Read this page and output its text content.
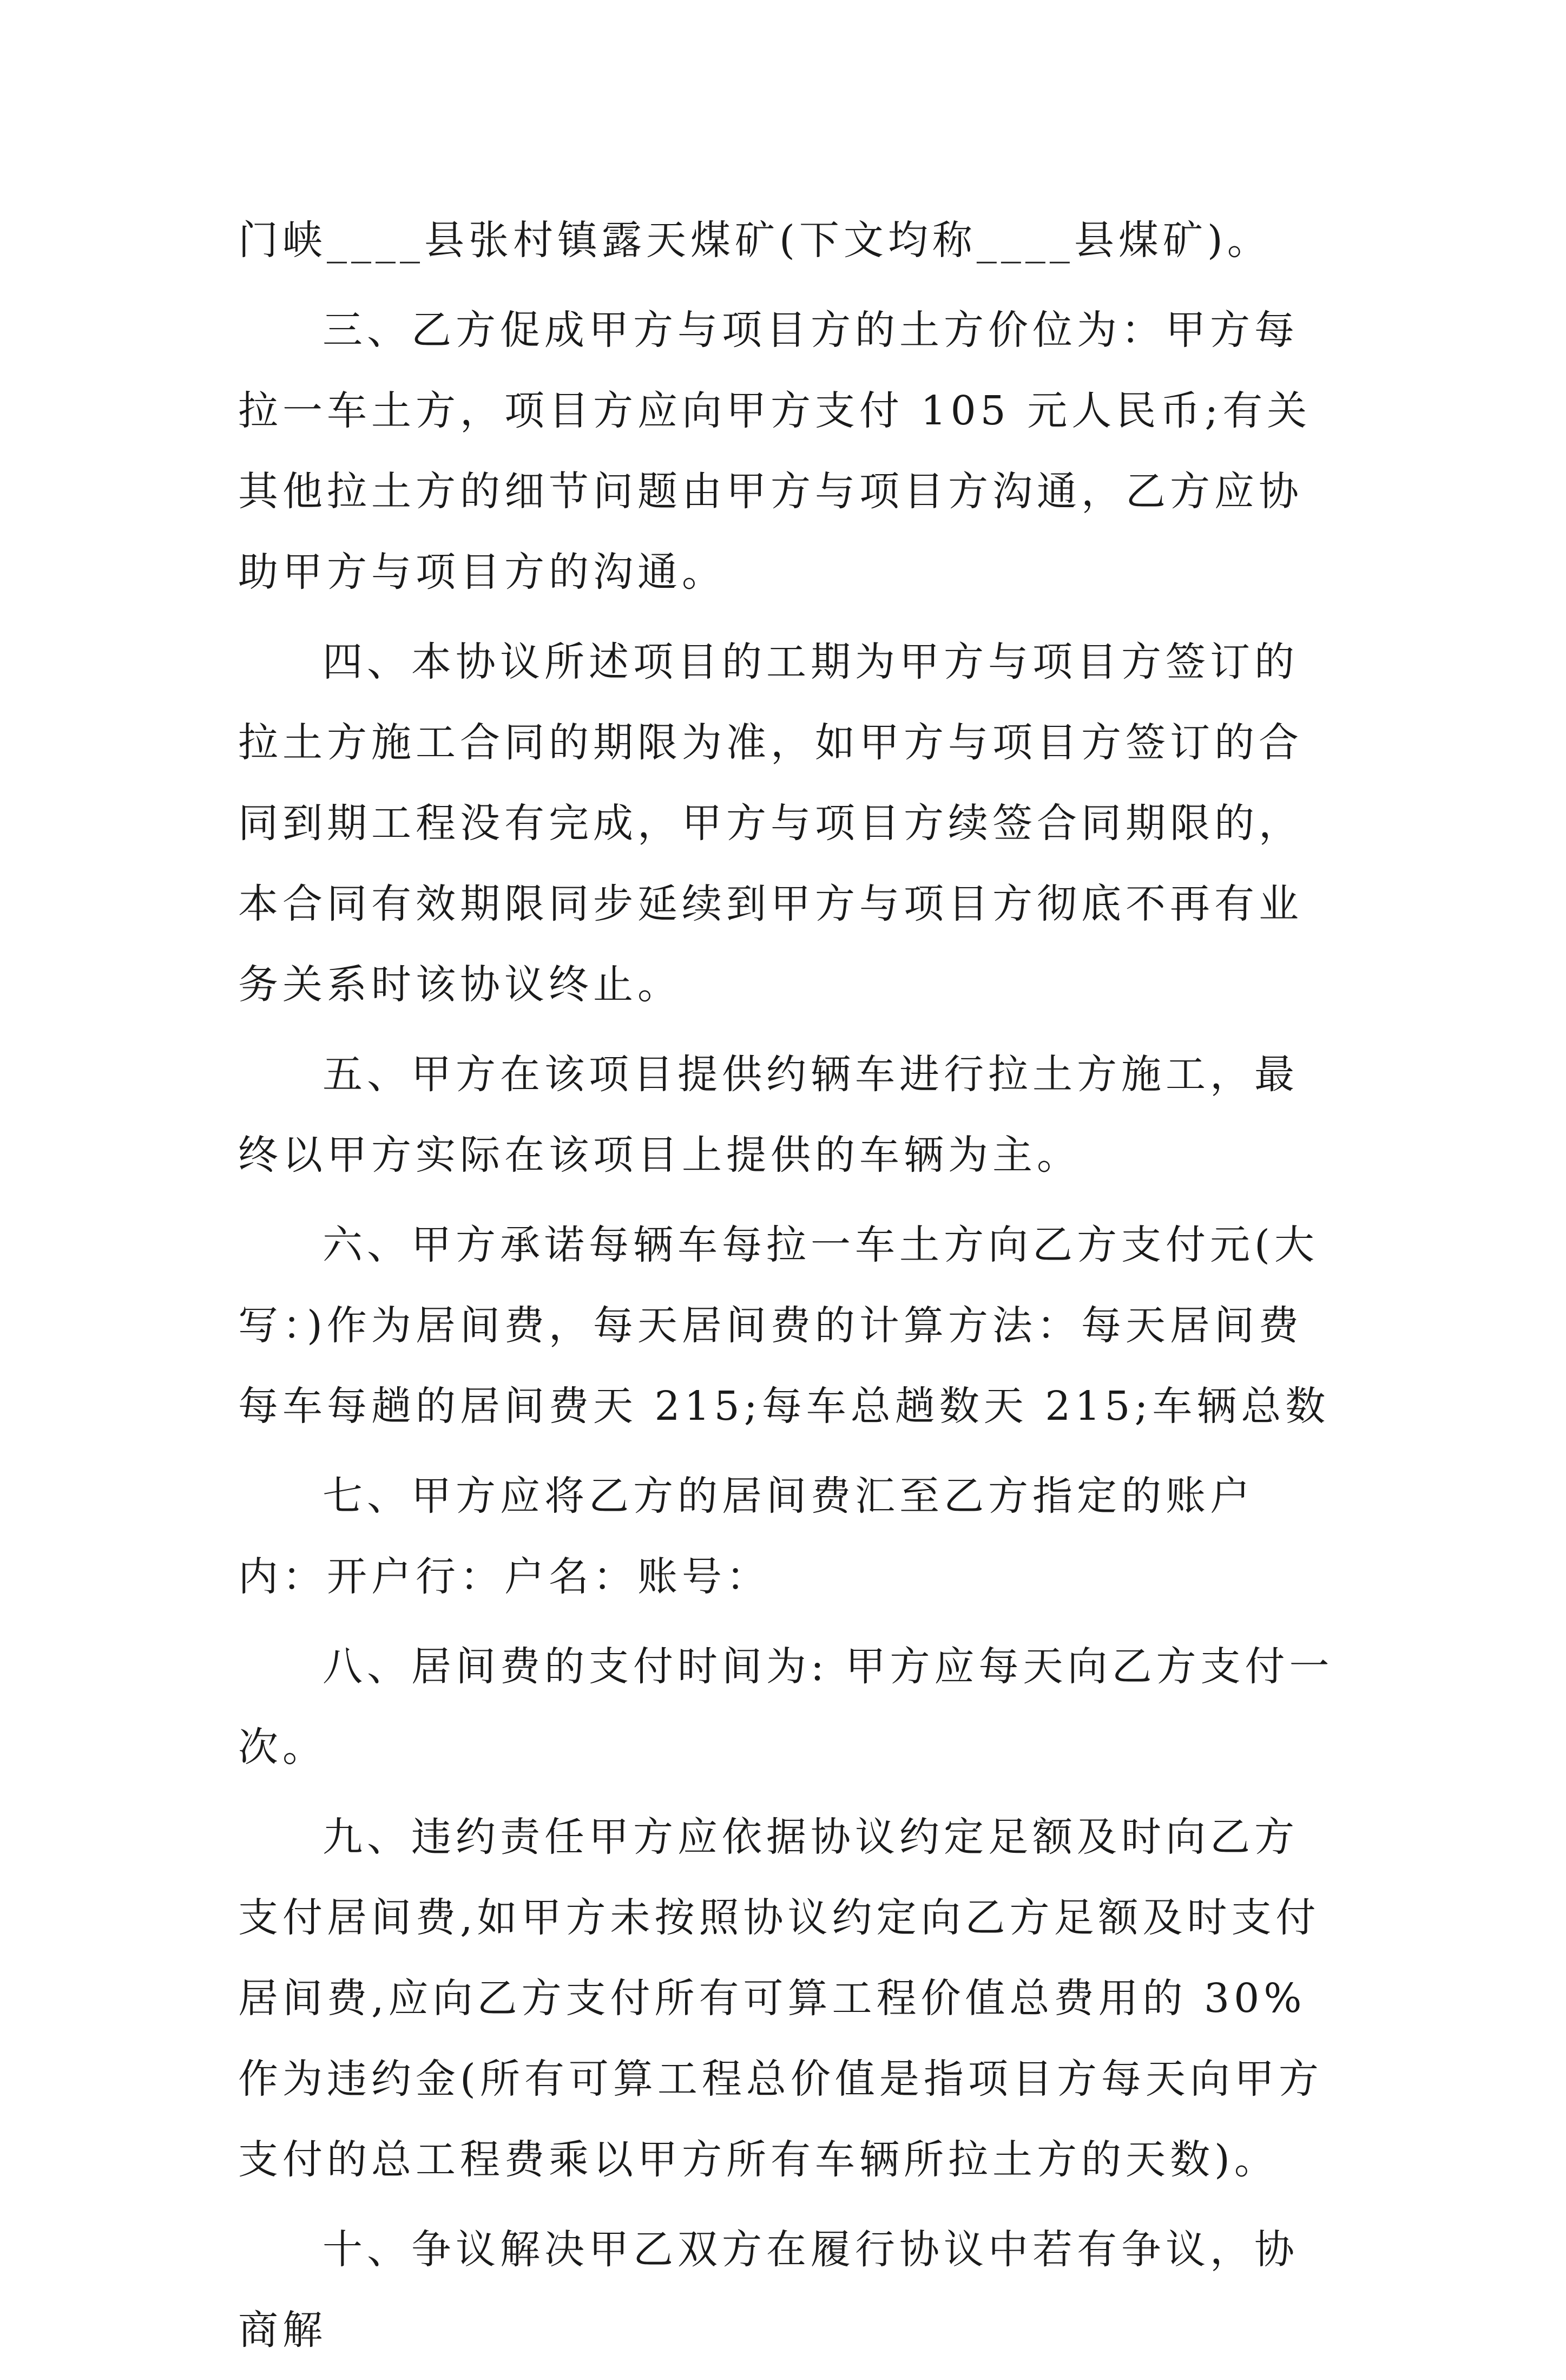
门峡____县张村镇露天煤矿(下文均称____县煤矿)。

三、乙方促成甲方与项目方的土方价位为：甲方每拉一车土方，项目方应向甲方支付 105 元人民币;有关其他拉土方的细节问题由甲方与项目方沟通，乙方应协助甲方与项目方的沟通。

四、本协议所述项目的工期为甲方与项目方签订的拉土方施工合同的期限为准，如甲方与项目方签订的合同到期工程没有完成，甲方与项目方续签合同期限的，本合同有效期限同步延续到甲方与项目方彻底不再有业务关系时该协议终止。

五、甲方在该项目提供约辆车进行拉土方施工，最终以甲方实际在该项目上提供的车辆为主。

六、甲方承诺每辆车每拉一车土方向乙方支付元(大写：)作为居间费，每天居间费的计算方法：每天居间费每车每趟的居间费天 215;每车总趟数天 215;车辆总数

七、甲方应将乙方的居间费汇至乙方指定的账户内：开户行：户名：账号：

八、居间费的支付时间为: 甲方应每天向乙方支付一次。

九、违约责任甲方应依据协议约定足额及时向乙方支付居间费,如甲方未按照协议约定向乙方足额及时支付居间费,应向乙方支付所有可算工程价值总费用的 30%作为违约金(所有可算工程总价值是指项目方每天向甲方支付的总工程费乘以甲方所有车辆所拉土方的天数)。

十、争议解决甲乙双方在履行协议中若有争议，协商解
